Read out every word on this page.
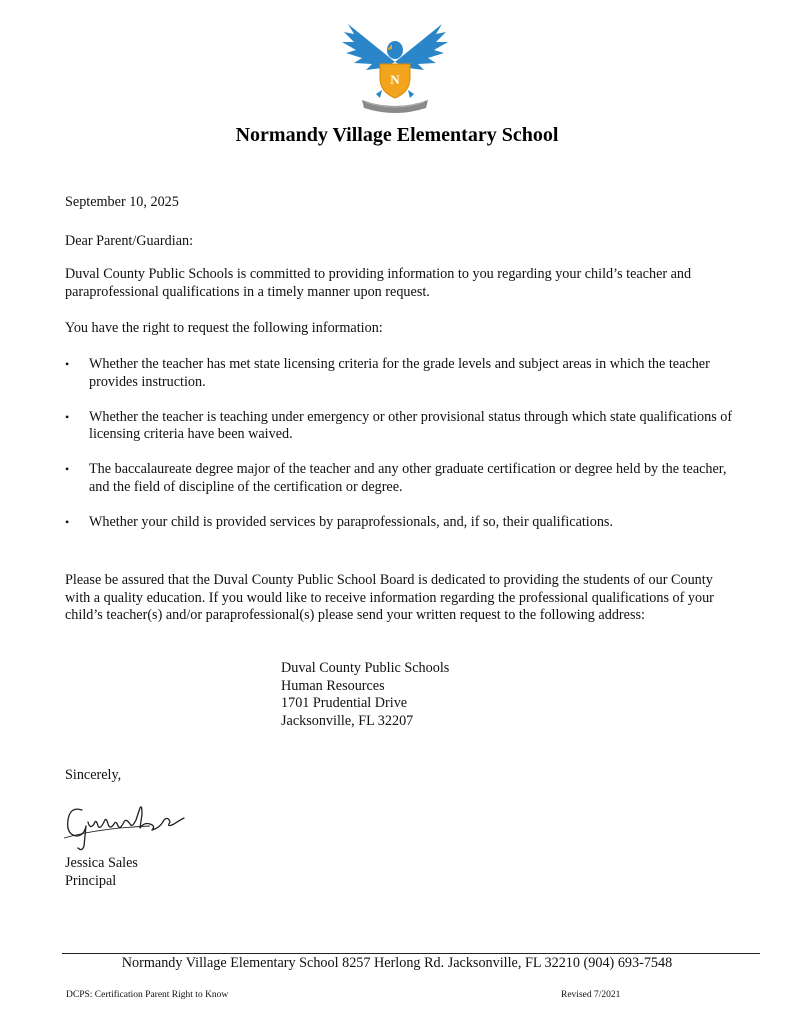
N
Normandy Village Elementary School
September 10, 2025
Dear Parent/Guardian:
Duval County Public Schools is committed to providing information to you regarding your child’s teacher and paraprofessional qualifications in a timely manner upon request.
You have the right to request the following information:
• Whether the teacher has met state licensing criteria for the grade levels and subject areas in which the teacher provides instruction.
• Whether the teacher is teaching under emergency or other provisional status through which state qualifications of licensing criteria have been waived.
• The baccalaureate degree major of the teacher and any other graduate certification or degree held by the teacher, and the field of discipline of the certification or degree.
• Whether your child is provided services by paraprofessionals, and, if so, their qualifications.
Please be assured that the Duval County Public School Board is dedicated to providing the students of our County with a quality education. If you would like to receive information regarding the professional qualifications of your child’s teacher(s) and/or paraprofessional(s) please send your written request to the following address:
Duval County Public Schools
Human Resources
1701 Prudential Drive
Jacksonville, FL 32207
Sincerely,
Jessica Sales
Principal
Normandy Village Elementary School 8257 Herlong Rd. Jacksonville, FL 32210 (904) 693-7548
DCPS: Certification Parent Right to Know	Revised 7/2021
